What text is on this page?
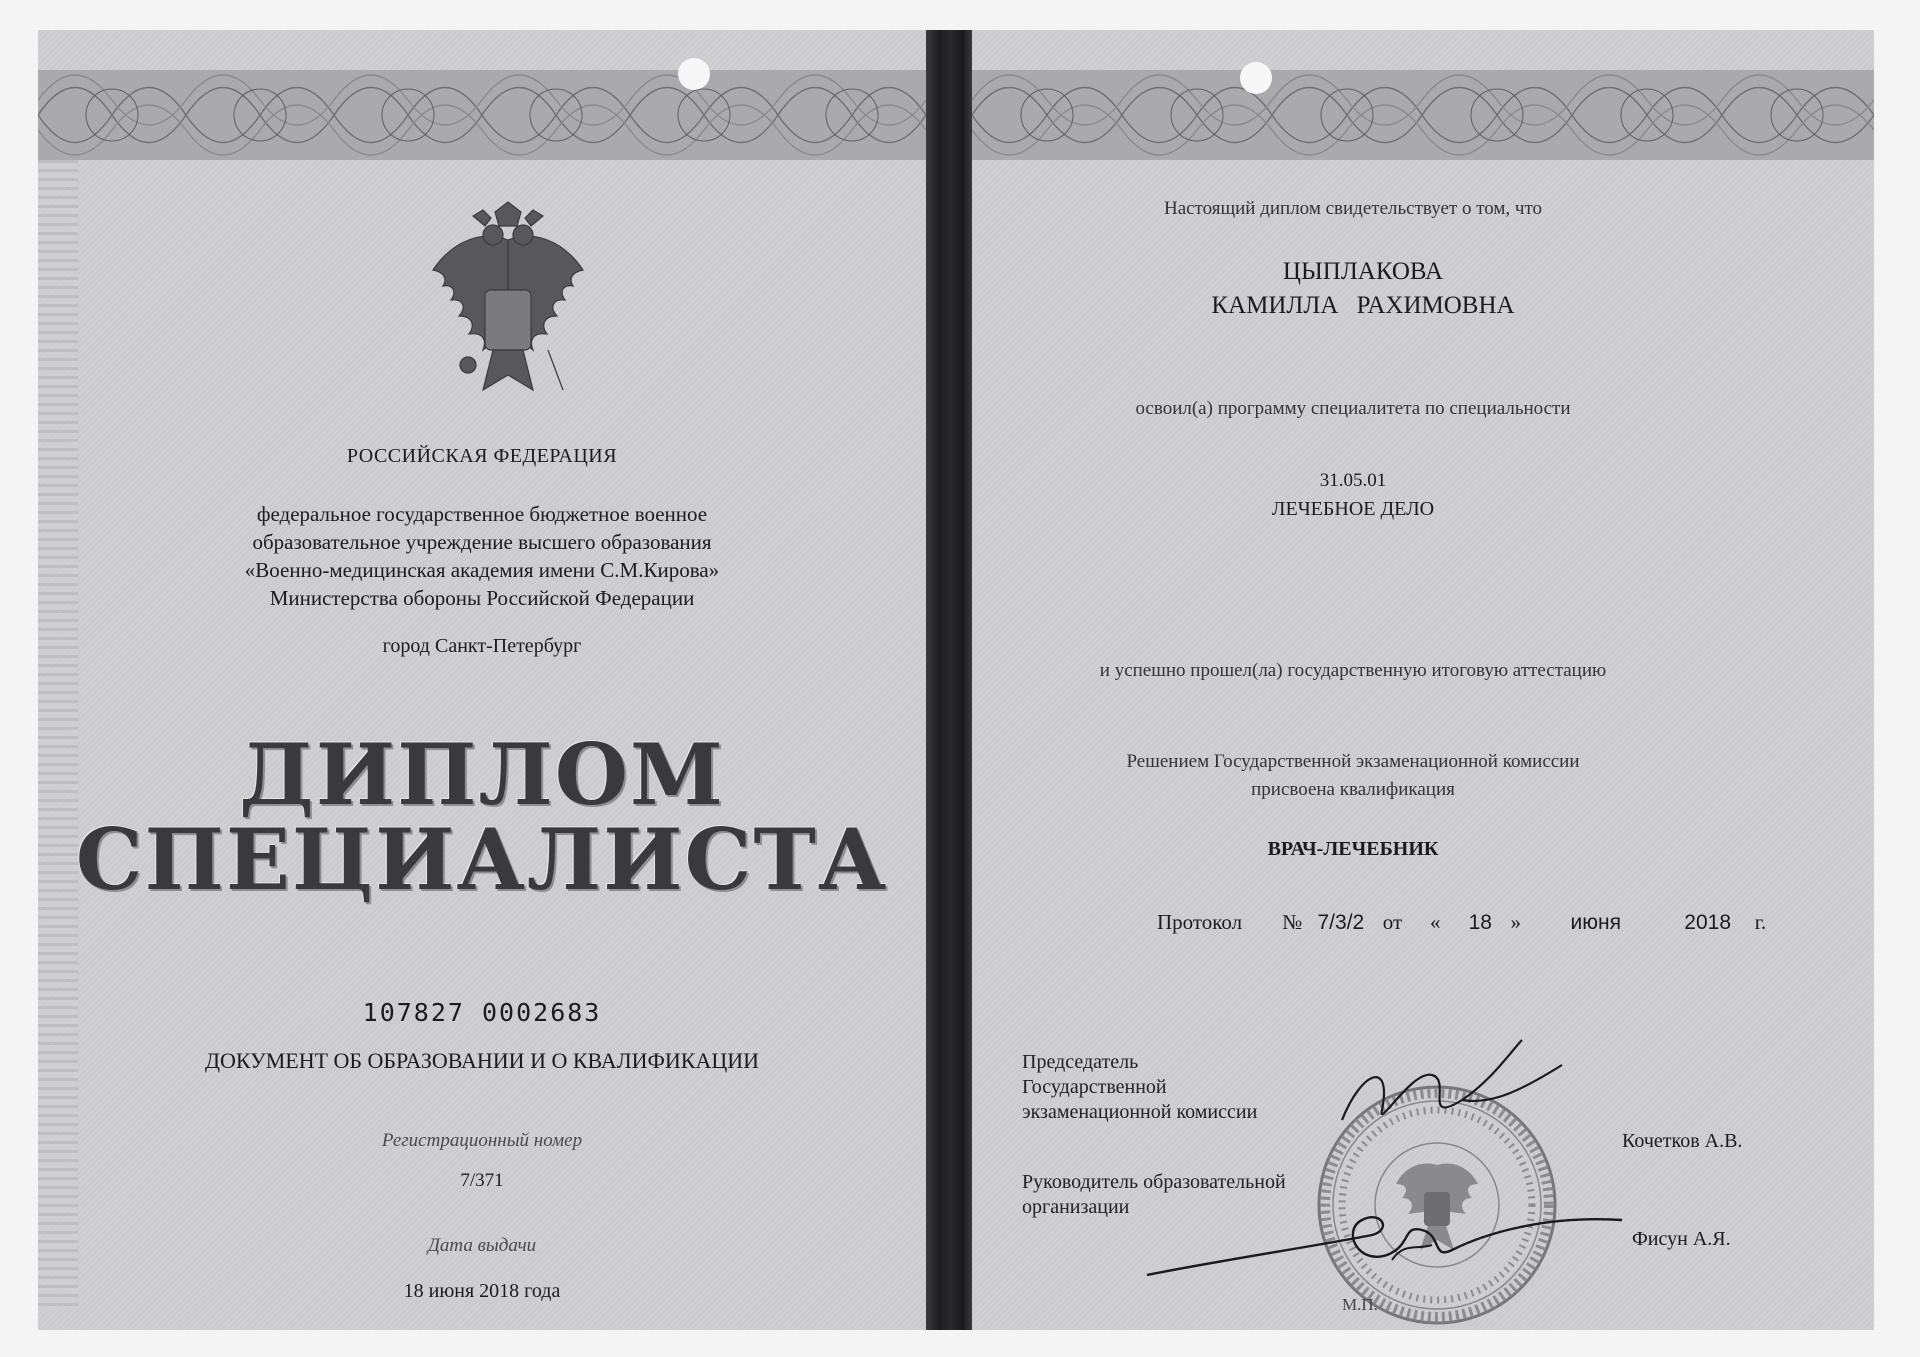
РОССИЙСКАЯ ФЕДЕРАЦИЯ

федеральное государственное бюджетное военное
образовательное учреждение высшего образования
«Военно-медицинская академия имени С.М.Кирова»
Министерства обороны Российской Федерации

город Санкт-Петербург

ДИПЛОМ

СПЕЦИАЛИСТА

107827 0002683

ДОКУМЕНТ ОБ ОБРАЗОВАНИИ И О КВАЛИФИКАЦИИ

Регистрационный номер

7/371

Дата выдачи

18 июня 2018 года

Настоящий диплом свидетельствует о том, что

ЦЫПЛАКОВА

КАМИЛЛА РАХИМОВНА

освоил(а) программу специалитета по специальности

31.05.01

ЛЕЧЕБНОЕ ДЕЛО

и успешно прошел(ла) государственную итоговую аттестацию

Решением Государственной экзаменационной комиссии
присвоена квалификация

ВРАЧ-ЛЕЧЕБНИК

Протокол № 7/3/2 от « 18 » июня	2018 г.
Председатель
Государственной
экзаменационной комиссии
Руководитель образовательной
организации
Кочетков А.В.
Фисун А.Я.
М.П.
